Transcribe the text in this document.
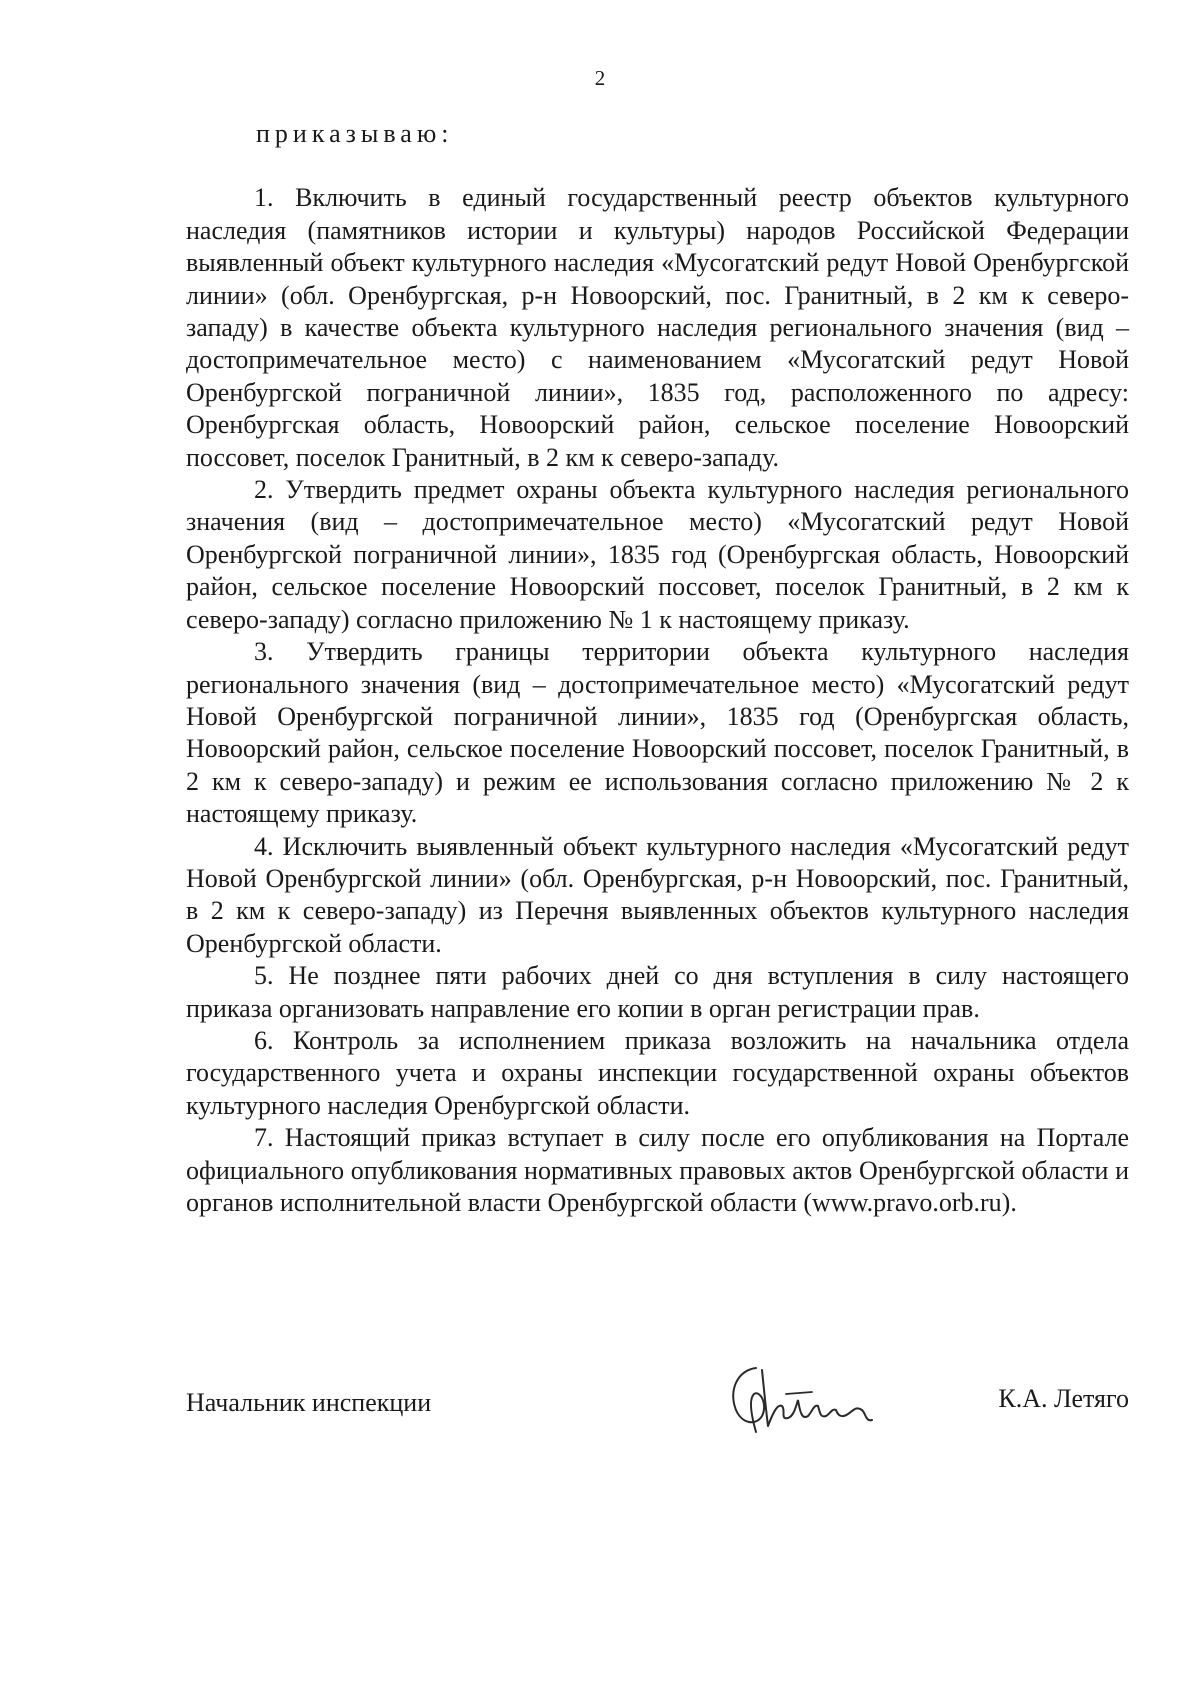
2

приказываю:

1. Включить в единый государственный реестр объектов культурного наследия (памятников истории и культуры) народов Российской Федерации выявленный объект культурного наследия «Мусогатский редут Новой Оренбургской линии» (обл. Оренбургская, р-н Новоорский, пос. Гранитный, в 2 км к северо-западу) в качестве объекта культурного наследия регионального значения (вид – достопримечательное место) с наименованием «Мусогатский редут Новой Оренбургской пограничной линии», 1835 год, расположенного по адресу: Оренбургская область, Новоорский район, сельское поселение Новоорский поссовет, поселок Гранитный, в 2 км к северо-западу.

2. Утвердить предмет охраны объекта культурного наследия регионального значения (вид – достопримечательное место) «Мусогатский редут Новой Оренбургской пограничной линии», 1835 год (Оренбургская область, Новоорский район, сельское поселение Новоорский поссовет, поселок Гранитный, в 2 км к северо-западу) согласно приложению № 1 к настоящему приказу.

3. Утвердить границы территории объекта культурного наследия регионального значения (вид – достопримечательное место) «Мусогатский редут Новой Оренбургской пограничной линии», 1835 год (Оренбургская область, Новоорский район, сельское поселение Новоорский поссовет, поселок Гранитный, в 2 км к северо-западу) и режим ее использования согласно приложению № 2 к настоящему приказу.

4. Исключить выявленный объект культурного наследия «Мусогатский редут Новой Оренбургской линии» (обл. Оренбургская, р-н Новоорский, пос. Гранитный, в 2 км к северо-западу) из Перечня выявленных объектов культурного наследия Оренбургской области.

5. Не позднее пяти рабочих дней со дня вступления в силу настоящего приказа организовать направление его копии в орган регистрации прав.

6. Контроль за исполнением приказа возложить на начальника отдела государственного учета и охраны инспекции государственной охраны объектов культурного наследия Оренбургской области.

7. Настоящий приказ вступает в силу после его опубликования на Портале официального опубликования нормативных правовых актов Оренбургской области и органов исполнительной власти Оренбургской области (www.pravo.orb.ru).

Начальник инспекции	К.А. Летяго
